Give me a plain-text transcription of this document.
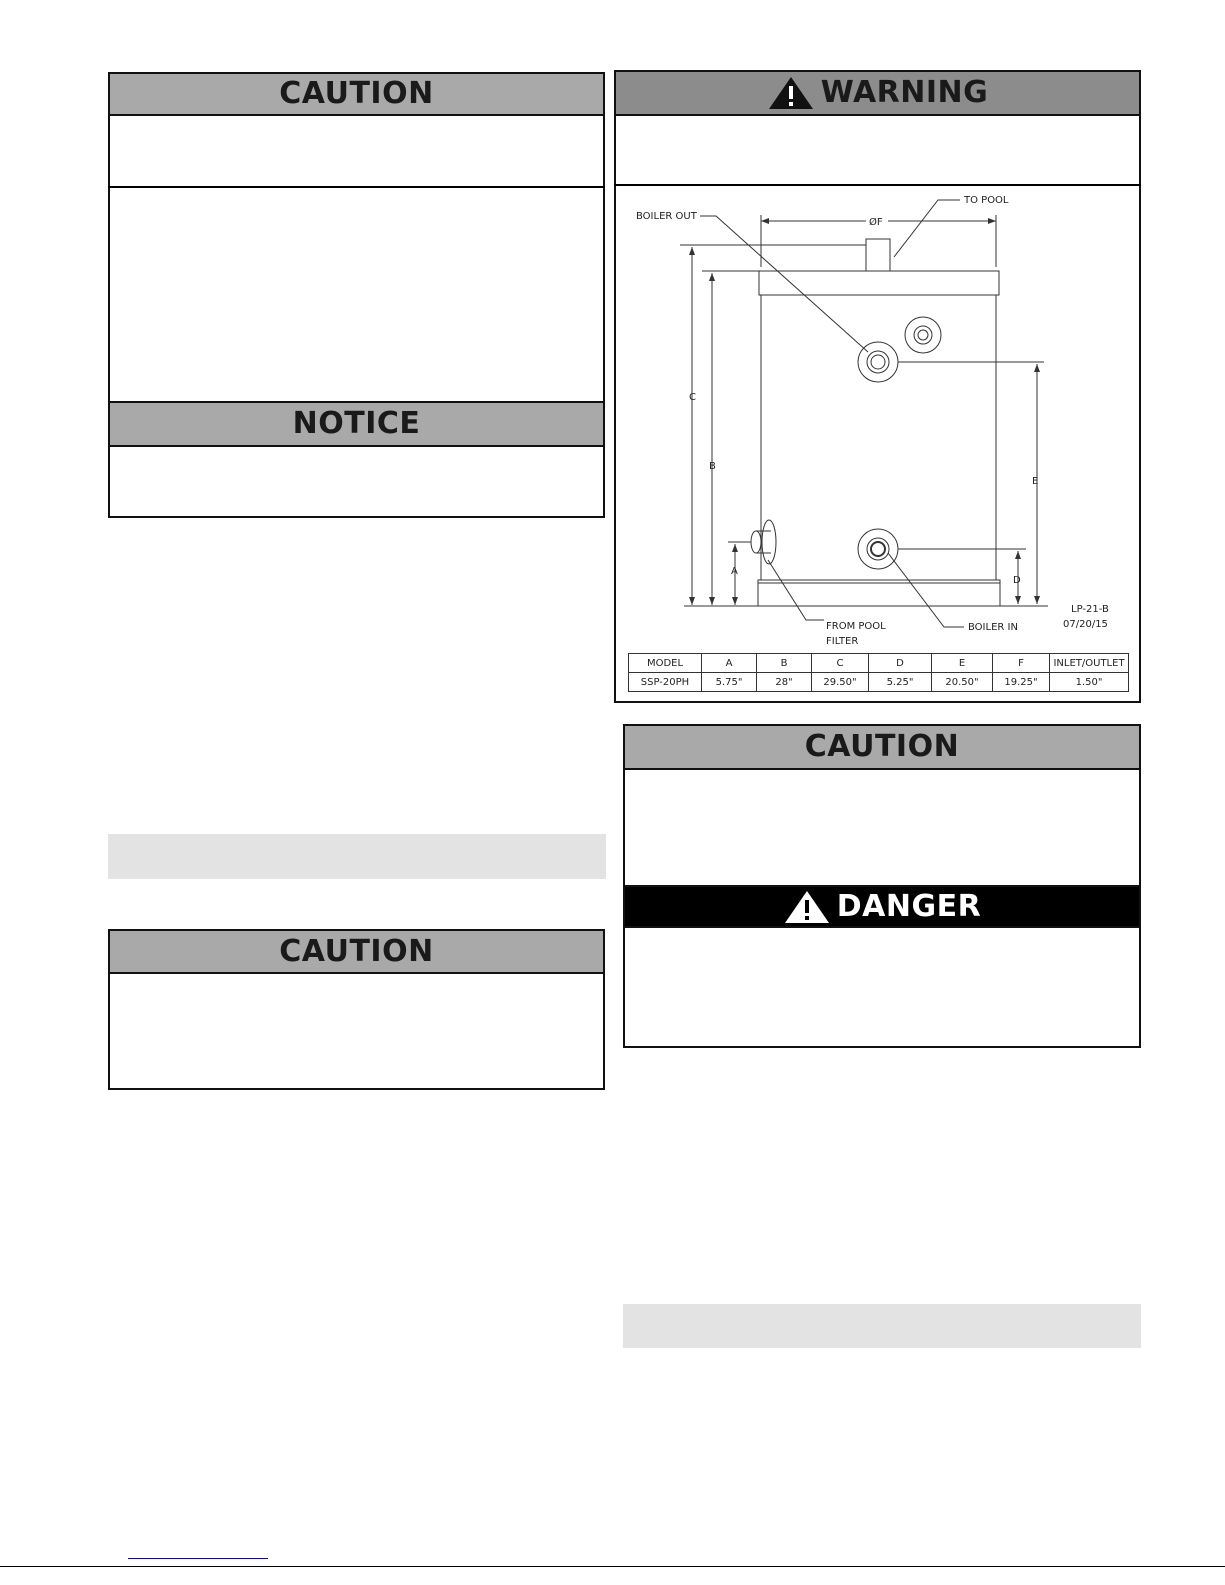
CAUTION
NOTICE
CAUTION
WARNING
BOILER OUT
TO POOL
ØF
C
B
A
E
D
FROM POOL
FILTER
BOILER IN
LP-21-B
07/20/15
MODEL	A	B	C	D	E	F	INLET/OUTLET
SSP-20PH	5.75"	28"	29.50"	5.25"	20.50"	19.25"	1.50"
CAUTION
DANGER
